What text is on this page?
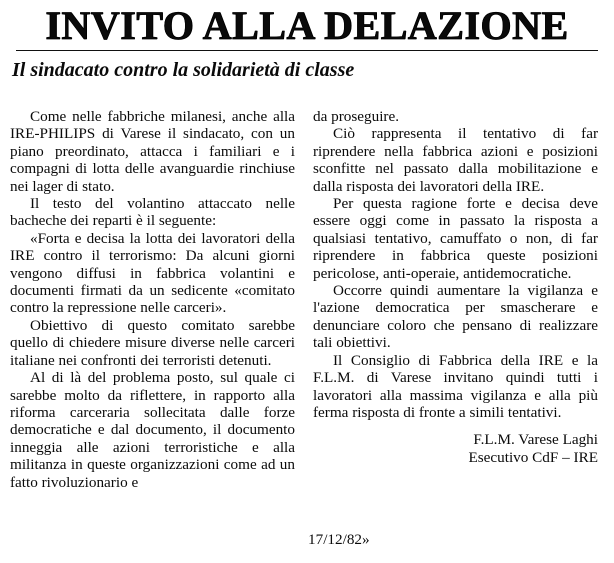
INVITO ALLA DELAZIONE
Il sindacato contro la solidarietà di classe

Come nelle fabbriche milanesi, anche alla IRE-PHILIPS di Varese il sindacato, con un piano preordinato, attacca i familiari e i compagni di lotta delle avanguardie rinchiuse nei lager di stato.

Il testo del volantino attaccato nelle bacheche dei reparti è il seguente:

«Forta e decisa la lotta dei lavoratori della IRE contro il terrorismo: Da alcuni giorni vengono diffusi in fabbrica volantini e documenti firmati da un sedicente «comitato contro la repressione nelle carceri».

Obiettivo di questo comitato sarebbe quello di chiedere misure diverse nelle carceri italiane nei confronti dei terroristi detenuti.

Al di là del problema posto, sul quale ci sarebbe molto da riflettere, in rapporto alla riforma carceraria sollecitata dalle forze democratiche e dal documento, il documento inneggia alle azioni terroristiche e alla militanza in queste organizzazioni come ad un fatto rivoluzionario e

da proseguire.

Ciò rappresenta il tentativo di far riprendere nella fabbrica azioni e posizioni sconfitte nel passato dalla mobilitazione e dalla risposta dei lavoratori della IRE.

Per questa ragione forte e decisa deve essere oggi come in passato la risposta a qualsiasi tentativo, camuffato o non, di far riprendere in fabbrica queste posizioni pericolose, anti-operaie, antidemocratiche.

Occorre quindi aumentare la vigilanza e l'azione democratica per smascherare e denunciare coloro che pensano di realizzare tali obiettivi.

Il Consiglio di Fabbrica della IRE e la F.L.M. di Varese invitano quindi tutti i lavoratori alla massima vigilanza e alla più ferma risposta di fronte a simili tentativi.

F.L.M. Varese Laghi
Esecutivo CdF – IRE
17/12/82»
